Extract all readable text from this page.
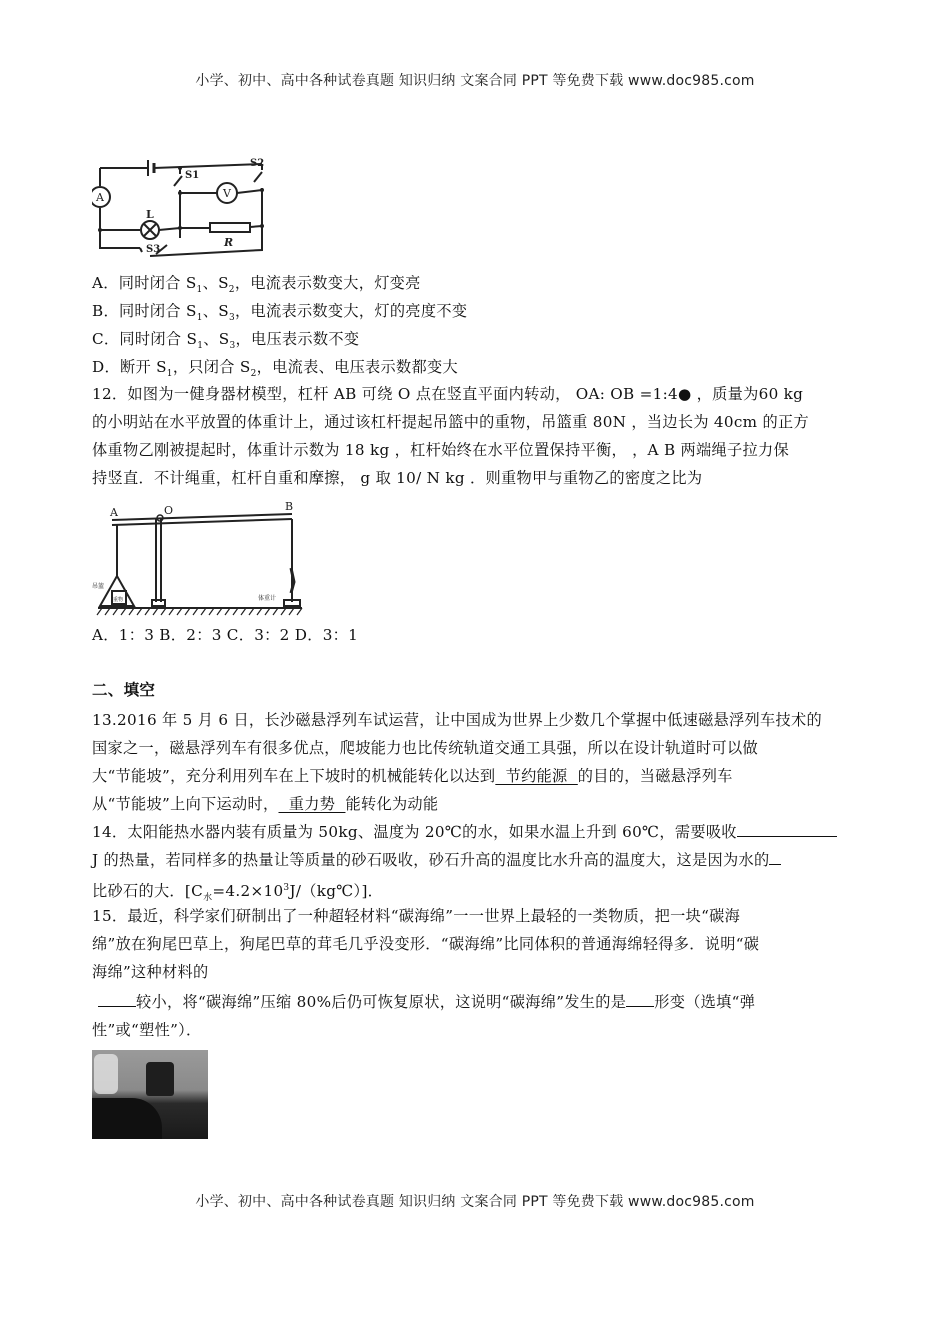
小学、初中、高中各种试卷真题 知识归纳 文案合同 PPT 等免费下载 www.doc985.com
A	V
L
R
S1
S2
S3
A．同时闭合 $S_1$、$S_2$，电流表示数变大，灯变亮
B．同时闭合 $S_1$、$S_3$，电流表示数变大，灯的亮度不变
C．同时闭合 $S_1$、$S_3$，电压表示数不变
D．断开 $S_1$，只闭合 $S_2$，电流表、电压表示数都变大
12．如图为一健身器材模型，杠杆 AB 可绕 O 点在竖直平面内转动， OA: OB =1:4● ，质量为60 kg
的小明站在水平放置的体重计上，通过该杠杆提起吊篮中的重物，吊篮重 80N ，当边长为 40cm 的正方
体重物乙刚被提起时，体重计示数为 18 kg ，杠杆始终在水平位置保持平衡， ，A B 两端绳子拉力保
持竖直．不计绳重，杠杆自重和摩擦， g 取 10/ N kg ．则重物甲与重物乙的密度之比为
A．1：3 B．2：3 C．3：2 D．3：1
二、填空
13.2016 年 5 月 6 日，长沙磁悬浮列车试运营，让中国成为世界上少数几个掌握中低速磁悬浮列车技术的
国家之一，磁悬浮列车有很多优点，爬坡能力也比传统轨道交通工具强，所以在设计轨道时可以做
大“节能坡”，充分利用列车在上下坡时的机械能转化以达到  节约能源  的目的，当磁悬浮列车
从“节能坡”上向下运动时，  重力势  能转化为动能
14．太阳能热水器内装有质量为 50kg、温度为 20℃的水，如果水温上升到 60℃，需要吸收
J 的热量，若同样多的热量让等质量的砂石吸收，砂石升高的温度比水升高的温度大，这是因为水的
比砂石的大．$[C_水=4.2\times 10^3J/(kg℃)]$．
15．最近，科学家们研制出了一种超轻材料“碳海绵”一一世界上最轻的一类物质，把一块“碳海
绵”放在狗尾巴草上，狗尾巴草的茸毛几乎没变形．“碳海绵”比同体积的普通海绵轻得多．说明“碳
海绵”这种材料的
较小，将“碳海绵”压缩 80%后仍可恢复原状，这说明“碳海绵”发生的是 形变（选填“弹
性”或“塑性”）．
A	O	B
吊篮
重物	体重计
小学、初中、高中各种试卷真题 知识归纳 文案合同 PPT 等免费下载 www.doc985.com
